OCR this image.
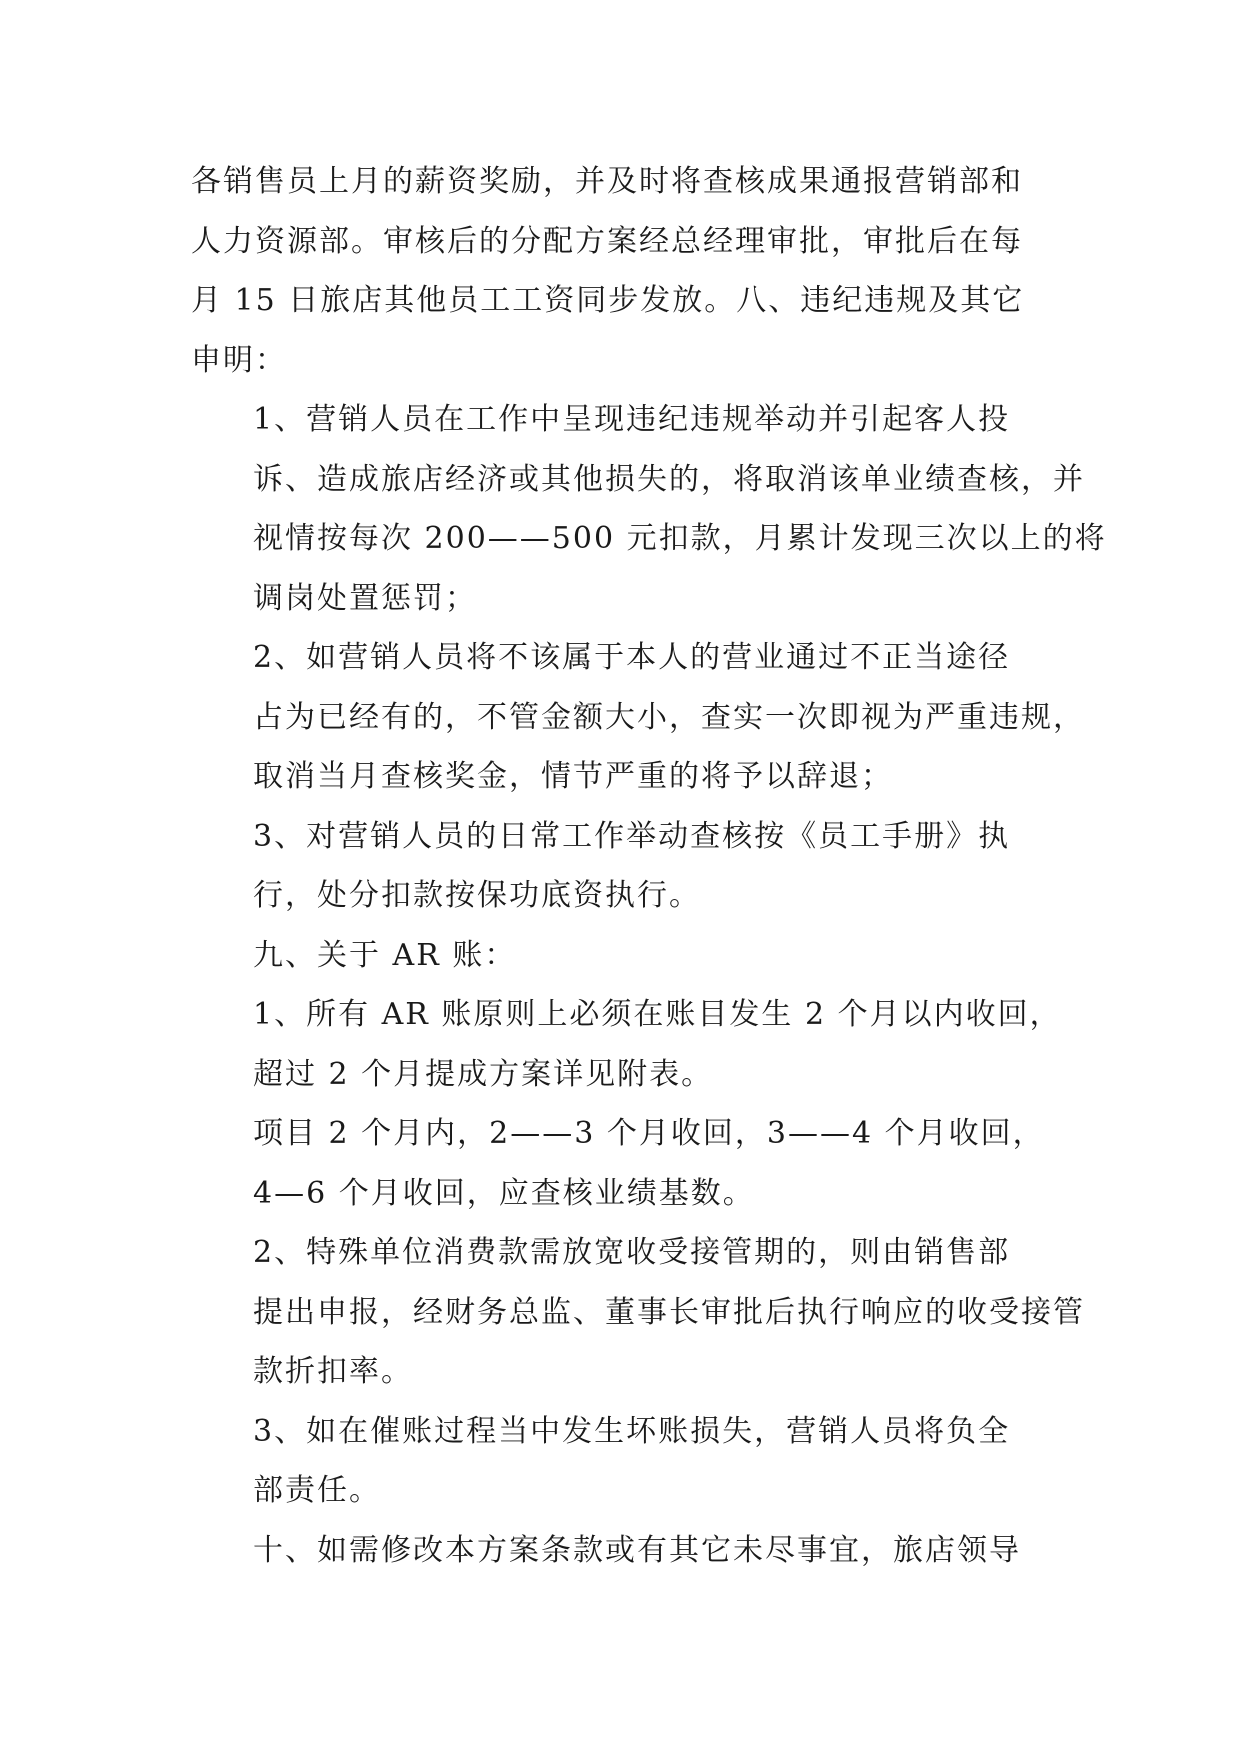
各销售员上月的薪资奖励，并及时将查核成果通报营销部和
人力资源部。审核后的分配方案经总经理审批，审批后在每
月 15 日旅店其他员工工资同步发放。八、违纪违规及其它
申明：

1、营销人员在工作中呈现违纪违规举动并引起客人投
诉、造成旅店经济或其他损失的，将取消该单业绩查核，并
视情按每次 200——500 元扣款，月累计发现三次以上的将
调岗处置惩罚；

2、如营销人员将不该属于本人的营业通过不正当途径
占为已经有的，不管金额大小，查实一次即视为严重违规，
取消当月查核奖金，情节严重的将予以辞退；

3、对营销人员的日常工作举动查核按《员工手册》执
行，处分扣款按保功底资执行。

九、关于 AR 账：

1、所有 AR 账原则上必须在账目发生 2 个月以内收回，
超过 2 个月提成方案详见附表。

项目 2 个月内，2——3 个月收回，3——4 个月收回，
4—6 个月收回，应查核业绩基数。

2、特殊单位消费款需放宽收受接管期的，则由销售部
提出申报，经财务总监、董事长审批后执行响应的收受接管
款折扣率。

3、如在催账过程当中发生坏账损失，营销人员将负全
部责任。

十、如需修改本方案条款或有其它未尽事宜，旅店领导
